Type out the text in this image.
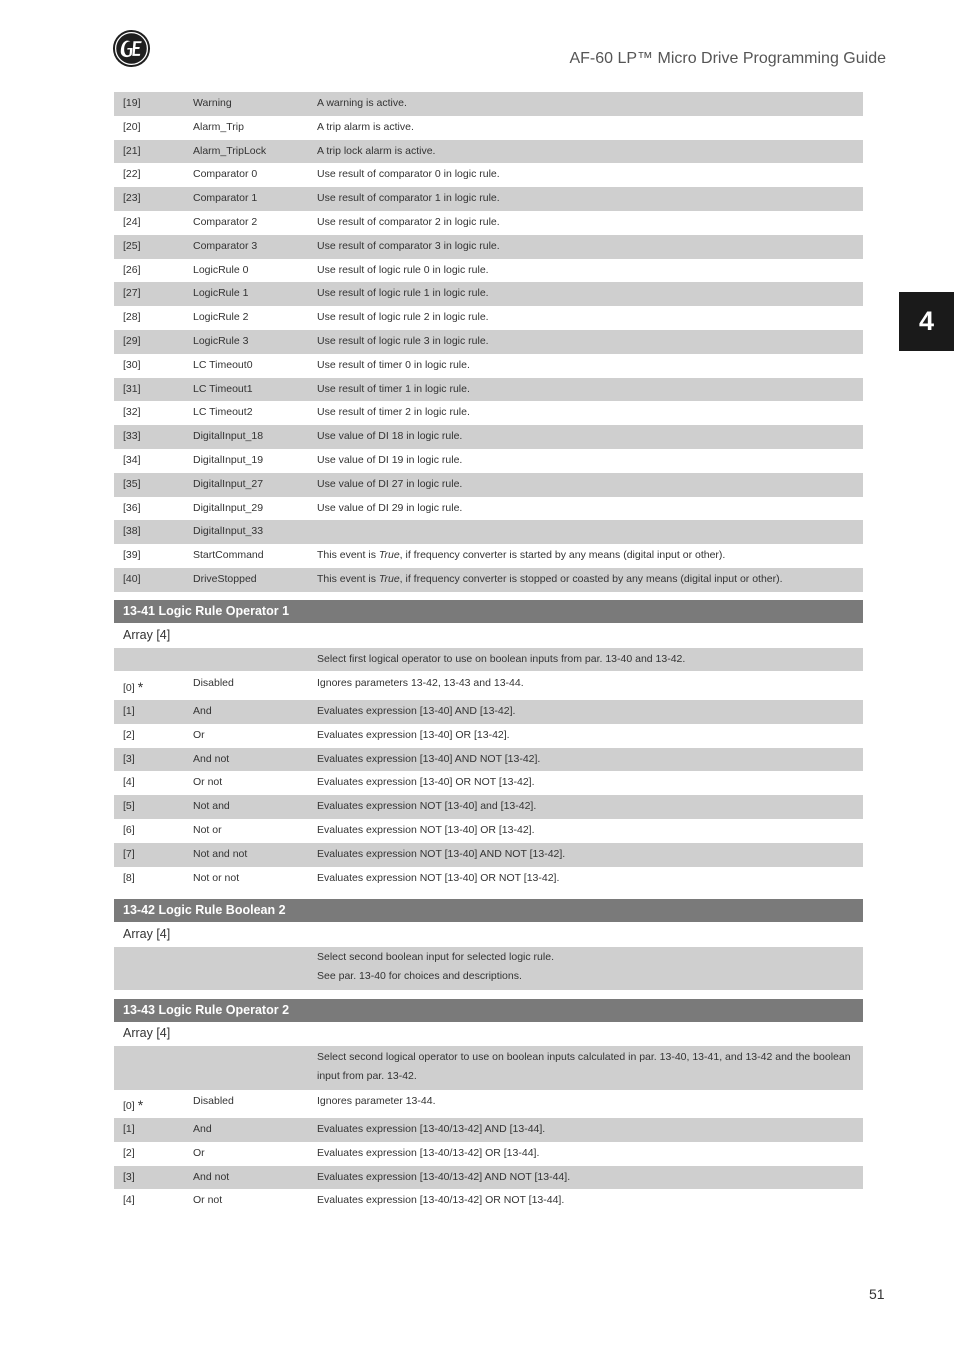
AF-60 LP™ Micro Drive Programming Guide
4
[19]	Warning	A warning is active.
[20]	Alarm_Trip	A trip alarm is active.
[21]	Alarm_TripLock	A trip lock alarm is active.
[22]	Comparator 0	Use result of comparator 0 in logic rule.
[23]	Comparator 1	Use result of comparator 1 in logic rule.
[24]	Comparator 2	Use result of comparator 2 in logic rule.
[25]	Comparator 3	Use result of comparator 3 in logic rule.
[26]	LogicRule 0	Use result of logic rule 0 in logic rule.
[27]	LogicRule 1	Use result of logic rule 1 in logic rule.
[28]	LogicRule 2	Use result of logic rule 2 in logic rule.
[29]	LogicRule 3	Use result of logic rule 3 in logic rule.
[30]	LC Timeout0	Use result of timer 0 in logic rule.
[31]	LC Timeout1	Use result of timer 1 in logic rule.
[32]	LC Timeout2	Use result of timer 2 in logic rule.
[33]	DigitalInput_18	Use value of DI 18 in logic rule.
[34]	DigitalInput_19	Use value of DI 19 in logic rule.
[35]	DigitalInput_27	Use value of DI 27 in logic rule.
[36]	DigitalInput_29	Use value of DI 29 in logic rule.
[38]	DigitalInput_33
[39]	StartCommand	This event is True, if frequency converter is started by any means (digital input or other).
[40]	DriveStopped	This event is True, if frequency converter is stopped or coasted by any means (digital input or other).
13-41 Logic Rule Operator 1
Array [4]
Select first logical operator to use on boolean inputs from par. 13-40 and 13-42.
[0] *	Disabled	Ignores parameters 13-42, 13-43 and 13-44.
[1]	And	Evaluates expression [13-40] AND [13-42].
[2]	Or	Evaluates expression [13-40] OR [13-42].
[3]	And not	Evaluates expression [13-40] AND NOT [13-42].
[4]	Or not	Evaluates expression [13-40] OR NOT [13-42].
[5]	Not and	Evaluates expression NOT [13-40] and [13-42].
[6]	Not or	Evaluates expression NOT [13-40] OR [13-42].
[7]	Not and not	Evaluates expression NOT [13-40] AND NOT [13-42].
[8]	Not or not	Evaluates expression NOT [13-40] OR NOT [13-42].
13-42 Logic Rule Boolean 2
Array [4]
Select second boolean input for selected logic rule.
See par. 13-40 for choices and descriptions.
13-43 Logic Rule Operator 2
Array [4]
Select second logical operator to use on boolean inputs calculated in par. 13-40, 13-41, and 13-42 and the boolean
input from par. 13-42.
[0] *	Disabled	Ignores parameter 13-44.
[1]	And	Evaluates expression [13-40/13-42] AND [13-44].
[2]	Or	Evaluates expression [13-40/13-42] OR [13-44].
[3]	And not	Evaluates expression [13-40/13-42] AND NOT [13-44].
[4]	Or not	Evaluates expression [13-40/13-42] OR NOT [13-44].
51
